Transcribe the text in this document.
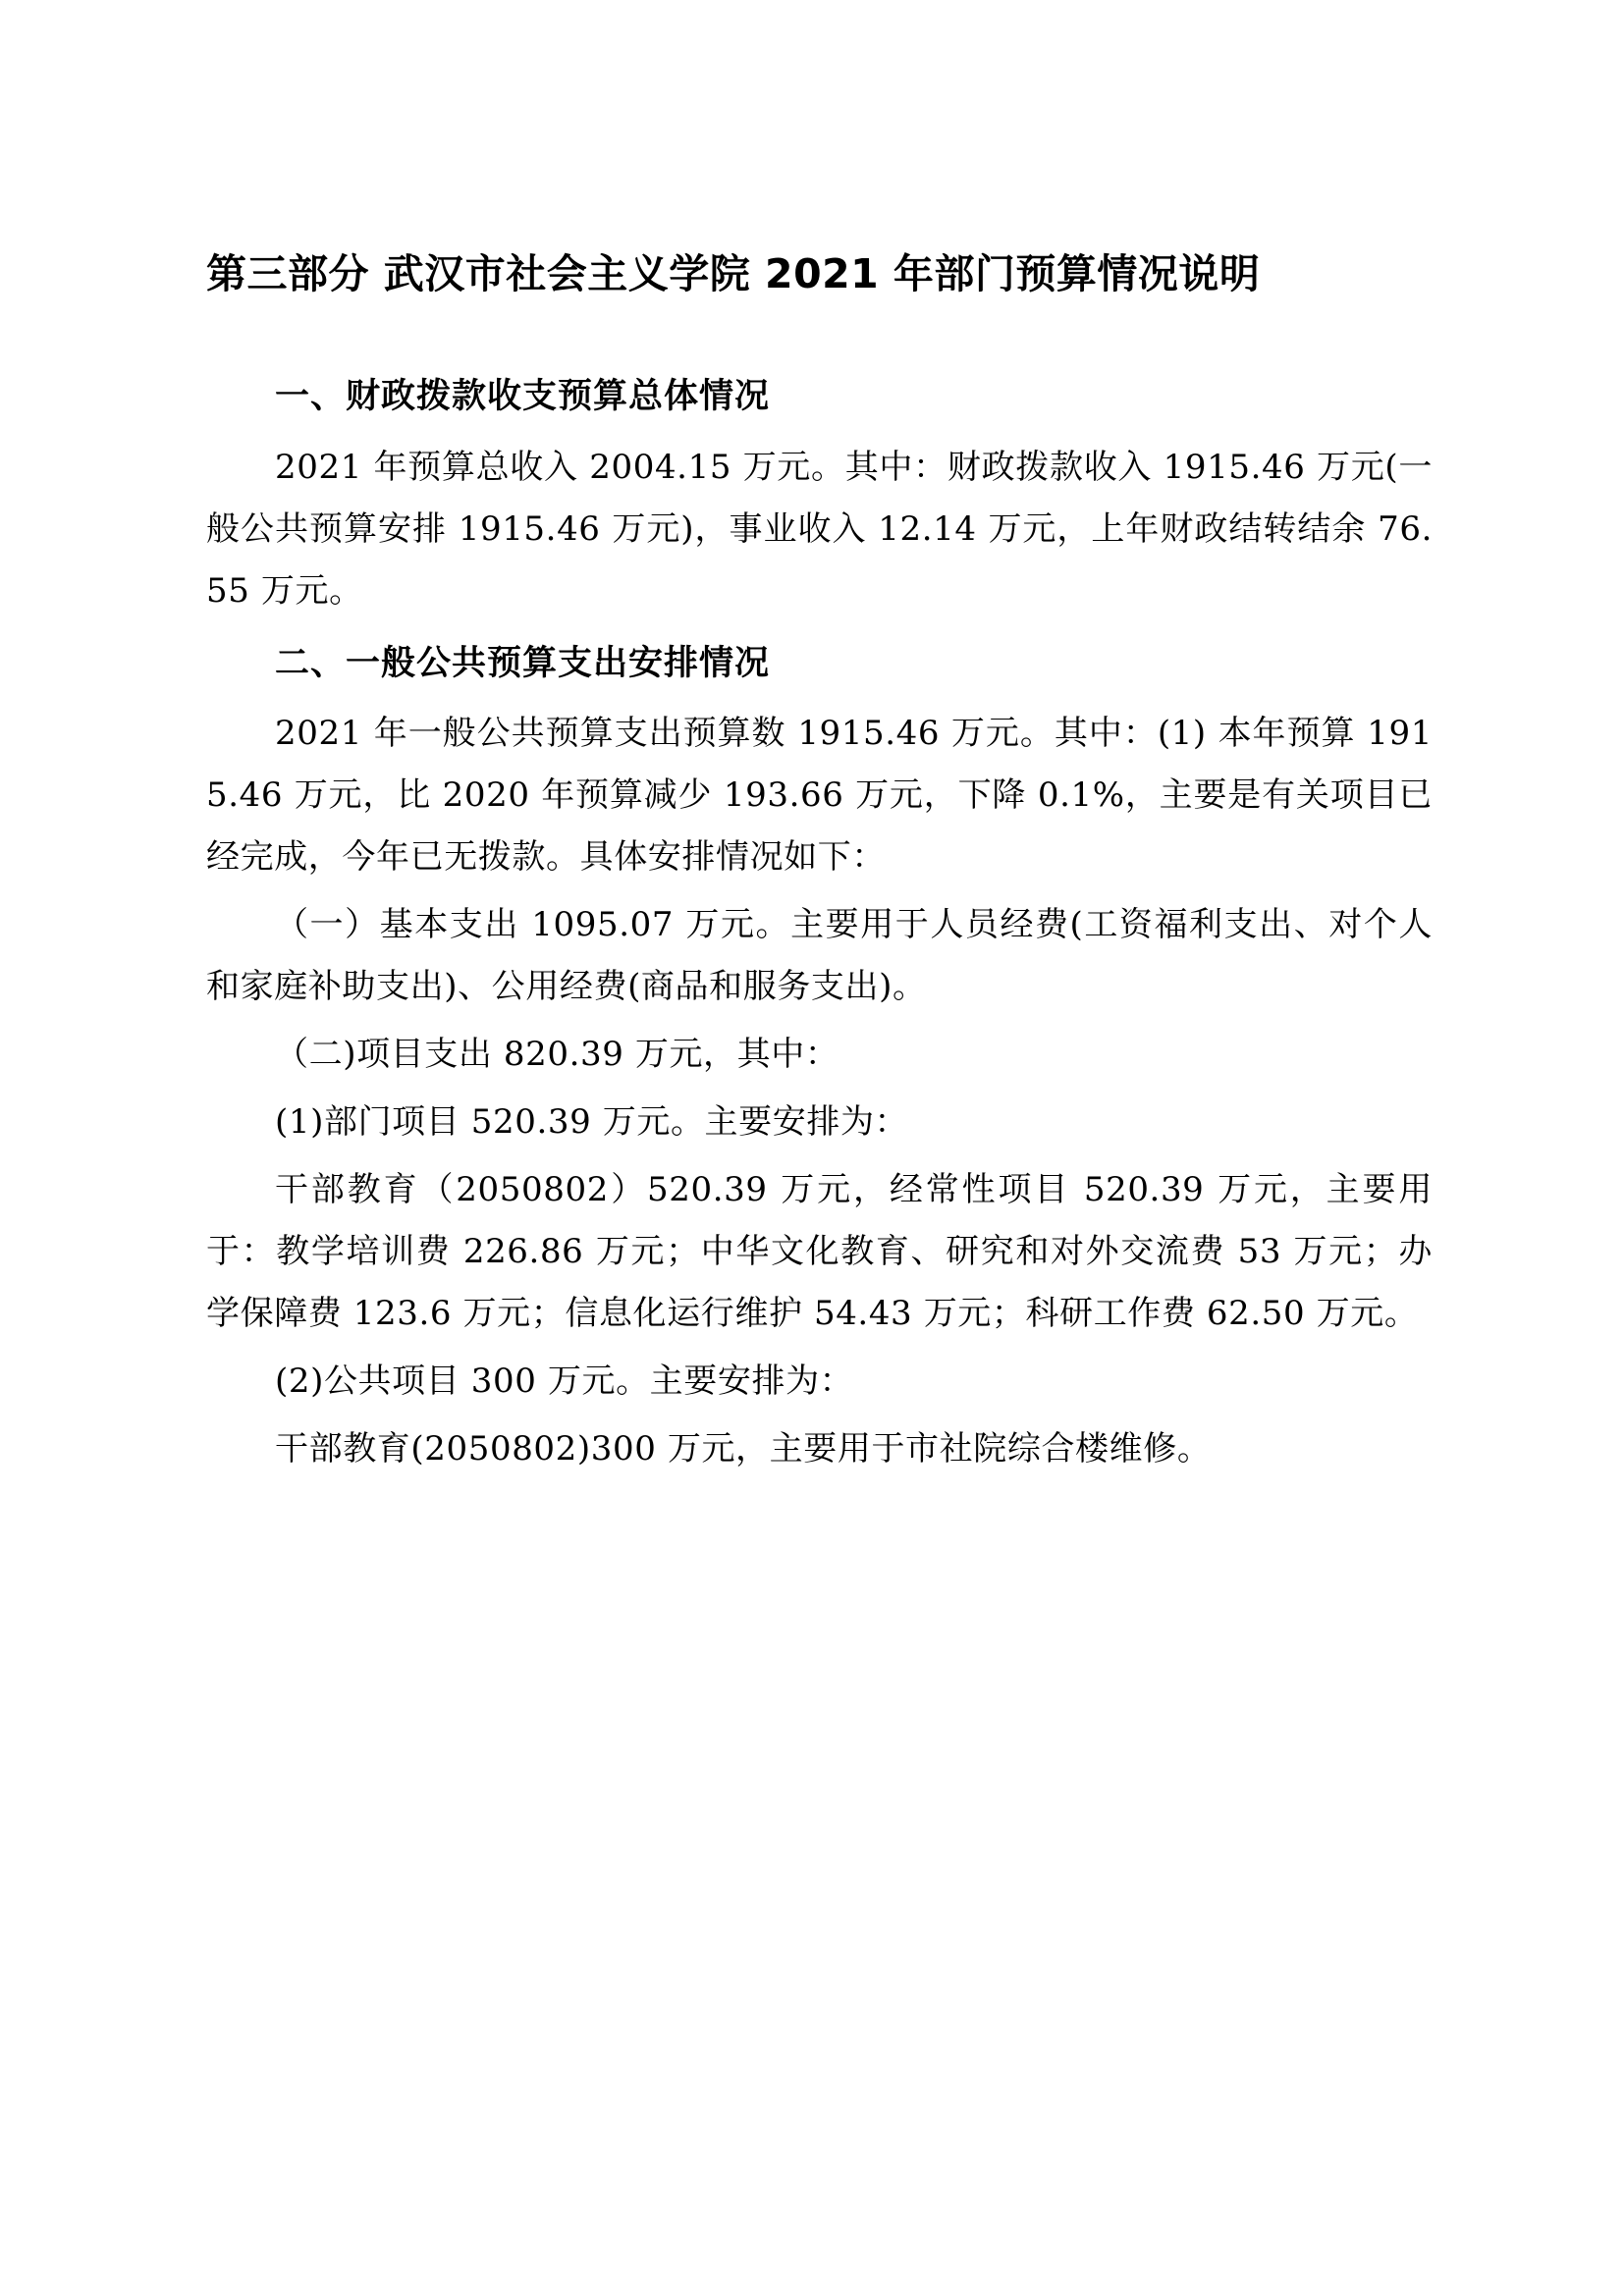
第三部分 武汉市社会主义学院 2021 年部门预算情况说明
一、财政拨款收支预算总体情况

2021 年预算总收入 2004.15 万元。其中：财政拨款收入 1915.46 万元(一般公共预算安排 1915.46 万元)，事业收入 12.14 万元，上年财政结转结余 76.55 万元。

二、一般公共预算支出安排情况

2021 年一般公共预算支出预算数 1915.46 万元。其中：(1) 本年预算 1915.46 万元，比 2020 年预算减少 193.66 万元，下降 0.1%，主要是有关项目已经完成，今年已无拨款。具体安排情况如下：

（一）基本支出 1095.07 万元。主要用于人员经费(工资福利支出、对个人和家庭补助支出)、公用经费(商品和服务支出)。

（二)项目支出 820.39 万元，其中：

(1)部门项目 520.39 万元。主要安排为：

干部教育（2050802）520.39 万元，经常性项目 520.39 万元，主要用于：教学培训费 226.86 万元；中华文化教育、研究和对外交流费 53 万元；办学保障费 123.6 万元；信息化运行维护 54.43 万元；科研工作费 62.50 万元。

(2)公共项目 300 万元。主要安排为：

干部教育(2050802)300 万元，主要用于市社院综合楼维修。
